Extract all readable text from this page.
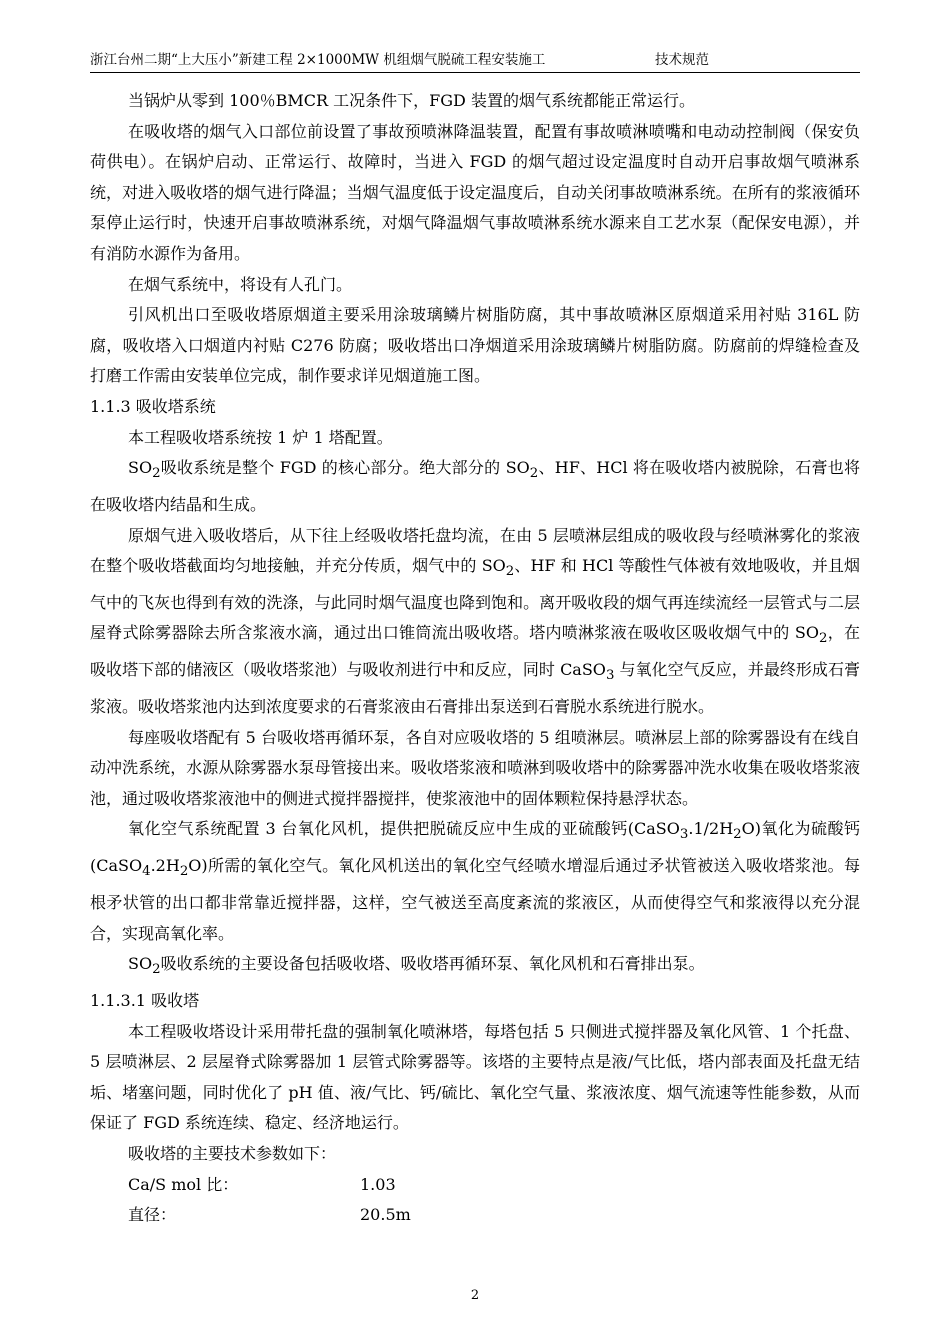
浙江台州二期“上大压小”新建工程 2×1000MW 机组烟气脱硫工程安装施工	技术规范

当锅炉从零到 100％BMCR 工况条件下，FGD 装置的烟气系统都能正常运行。

在吸收塔的烟气入口部位前设置了事故预喷淋降温装置，配置有事故喷淋喷嘴和电动动控制阀（保安负荷供电）。在锅炉启动、正常运行、故障时，当进入 FGD 的烟气超过设定温度时自动开启事故烟气喷淋系统，对进入吸收塔的烟气进行降温；当烟气温度低于设定温度后，自动关闭事故喷淋系统。在所有的浆液循环泵停止运行时，快速开启事故喷淋系统，对烟气降温烟气事故喷淋系统水源来自工艺水泵（配保安电源），并有消防水源作为备用。

在烟气系统中，将设有人孔门。

引风机出口至吸收塔原烟道主要采用涂玻璃鳞片树脂防腐，其中事故喷淋区原烟道采用衬贴 316L 防腐，吸收塔入口烟道内衬贴 C276 防腐；吸收塔出口净烟道采用涂玻璃鳞片树脂防腐。防腐前的焊缝检查及打磨工作需由安装单位完成，制作要求详见烟道施工图。

1.1.3 吸收塔系统

本工程吸收塔系统按 1 炉 1 塔配置。

$SO_2$吸收系统是整个 FGD 的核心部分。绝大部分的 $SO_2$、HF、HCl 将在吸收塔内被脱除，石膏也将在吸收塔内结晶和生成。

原烟气进入吸收塔后，从下往上经吸收塔托盘均流，在由 5 层喷淋层组成的吸收段与经喷淋雾化的浆液在整个吸收塔截面均匀地接触，并充分传质，烟气中的 $SO_2$、HF 和 HCl 等酸性气体被有效地吸收，并且烟气中的飞灰也得到有效的洗涤，与此同时烟气温度也降到饱和。离开吸收段的烟气再连续流经一层管式与二层屋脊式除雾器除去所含浆液水滴，通过出口锥筒流出吸收塔。塔内喷淋浆液在吸收区吸收烟气中的 $SO_2$，在吸收塔下部的储液区（吸收塔浆池）与吸收剂进行中和反应，同时 CaSO$_3$ 与氧化空气反应，并最终形成石膏浆液。吸收塔浆池内达到浓度要求的石膏浆液由石膏排出泵送到石膏脱水系统进行脱水。

每座吸收塔配有 5 台吸收塔再循环泵，各自对应吸收塔的 5 组喷淋层。喷淋层上部的除雾器设有在线自动冲洗系统，水源从除雾器水泵母管接出来。吸收塔浆液和喷淋到吸收塔中的除雾器冲洗水收集在吸收塔浆液池，通过吸收塔浆液池中的侧进式搅拌器搅拌，使浆液池中的固体颗粒保持悬浮状态。

氧化空气系统配置 3 台氧化风机，提供把脱硫反应中生成的亚硫酸钙$(CaSO_3.1/2H_2O)$氧化为硫酸钙$(CaSO_4.2H_2O)$所需的氧化空气。氧化风机送出的氧化空气经喷水增湿后通过矛状管被送入吸收塔浆池。每根矛状管的出口都非常靠近搅拌器，这样，空气被送至高度紊流的浆液区，从而使得空气和浆液得以充分混合，实现高氧化率。

$SO_2$吸收系统的主要设备包括吸收塔、吸收塔再循环泵、氧化风机和石膏排出泵。

1.1.3.1 吸收塔

本工程吸收塔设计采用带托盘的强制氧化喷淋塔，每塔包括 5 只侧进式搅拌器及氧化风管、1 个托盘、5 层喷淋层、2 层屋脊式除雾器加 1 层管式除雾器等。该塔的主要特点是液/气比低，塔内部表面及托盘无结垢、堵塞问题，同时优化了 pH 值、液/气比、钙/硫比、氧化空气量、浆液浓度、烟气流速等性能参数，从而保证了 FGD 系统连续、稳定、经济地运行。

吸收塔的主要技术参数如下：

Ca/S mol 比：	1.03
直径：	20.5m
2
